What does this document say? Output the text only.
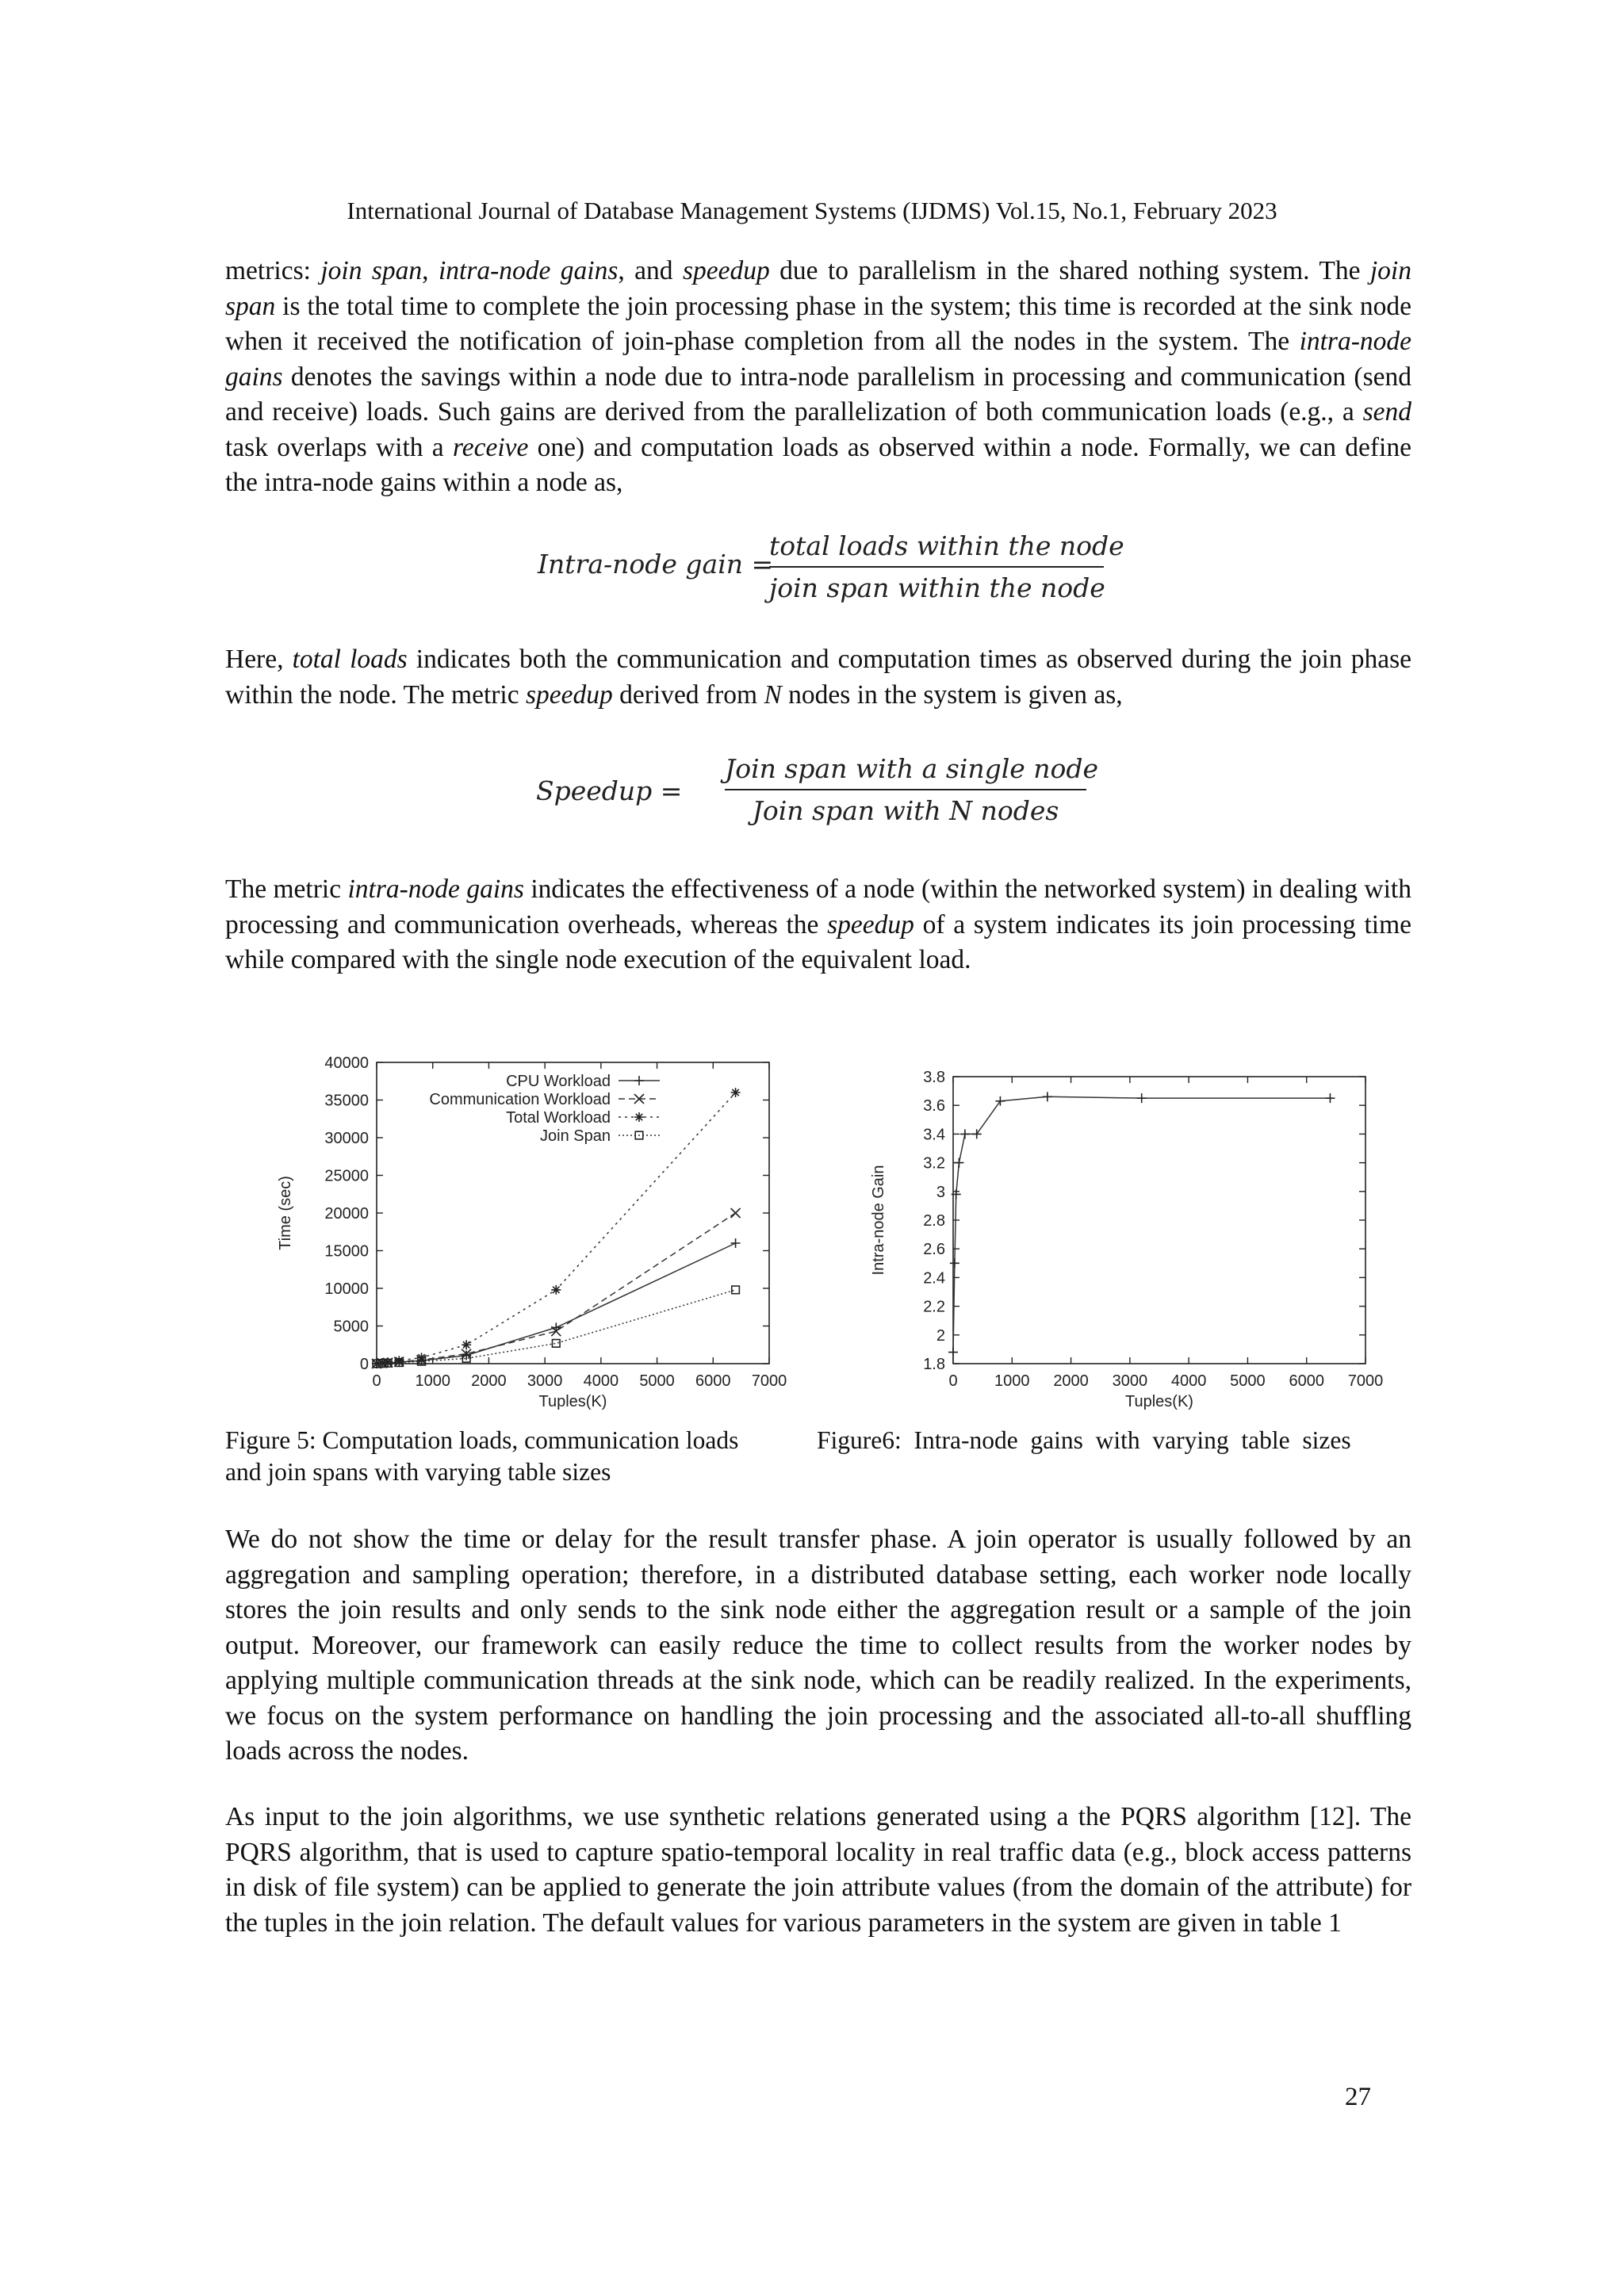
International Journal of Database Management Systems (IJDMS) Vol.15, No.1, February 2023

metrics: join span, intra-node gains, and speedup due to parallelism in the shared nothing system. The join span is the total time to complete the join processing phase in the system; this time is recorded at the sink node when it received the notification of join-phase completion from all the nodes in the system. The intra-node gains denotes the savings within a node due to intra-node parallelism in processing and communication (send and receive) loads. Such gains are derived from the parallelization of both communication loads (e.g., a send task overlaps with a receive one) and computation loads as observed within a node. Formally, we can define the intra-node gains within a node as,

Intra-node gain =
total loads within the node
join span within the node

Here, total loads indicates both the communication and computation times as observed during the join phase within the node. The metric speedup derived from N nodes in the system is given as,

Speedup =
Join span with a single node
Join span with N nodes

The metric intra-node gains indicates the effectiveness of a node (within the networked system) in dealing with processing and communication overheads, whereas the speedup of a system indicates its join processing time while compared with the single node execution of the equivalent load.

0 1000 2000 3000 4000 5000 6000 7000
0
5000
10000
15000
20000
25000
30000
35000
40000
Tuples(K)
Time (sec)
CPU Workload
Communication Workload
Total Workload
Join Span
0 1000 2000 3000 4000 5000 6000 7000
1.8
2
2.2
2.4
2.6
2.8
3
3.2
3.4
3.6
3.8
Tuples(K)
Intra-node Gain
Figure 5: Computation loads, communication loads and join spans with varying table sizes
Figure6:  Intra-node  gains  with  varying  table  sizes

We do not show the time or delay for the result transfer phase. A join operator is usually followed by an aggregation and sampling operation; therefore, in a distributed database setting, each worker node locally stores the join results and only sends to the sink node either the aggregation result or a sample of the join output. Moreover, our framework can easily reduce the time to collect results from the worker nodes by applying multiple communication threads at the sink node, which can be readily realized. In the experiments, we focus on the system performance on handling the join processing and the associated all-to-all shuffling loads across the nodes.

As input to the join algorithms, we use synthetic relations generated using a the PQRS algorithm [12]. The PQRS algorithm, that is used to capture spatio-temporal locality in real traffic data (e.g., block access patterns in disk of file system) can be applied to generate the join attribute values (from the domain of the attribute) for the tuples in the join relation. The default values for various parameters in the system are given in table 1

27
